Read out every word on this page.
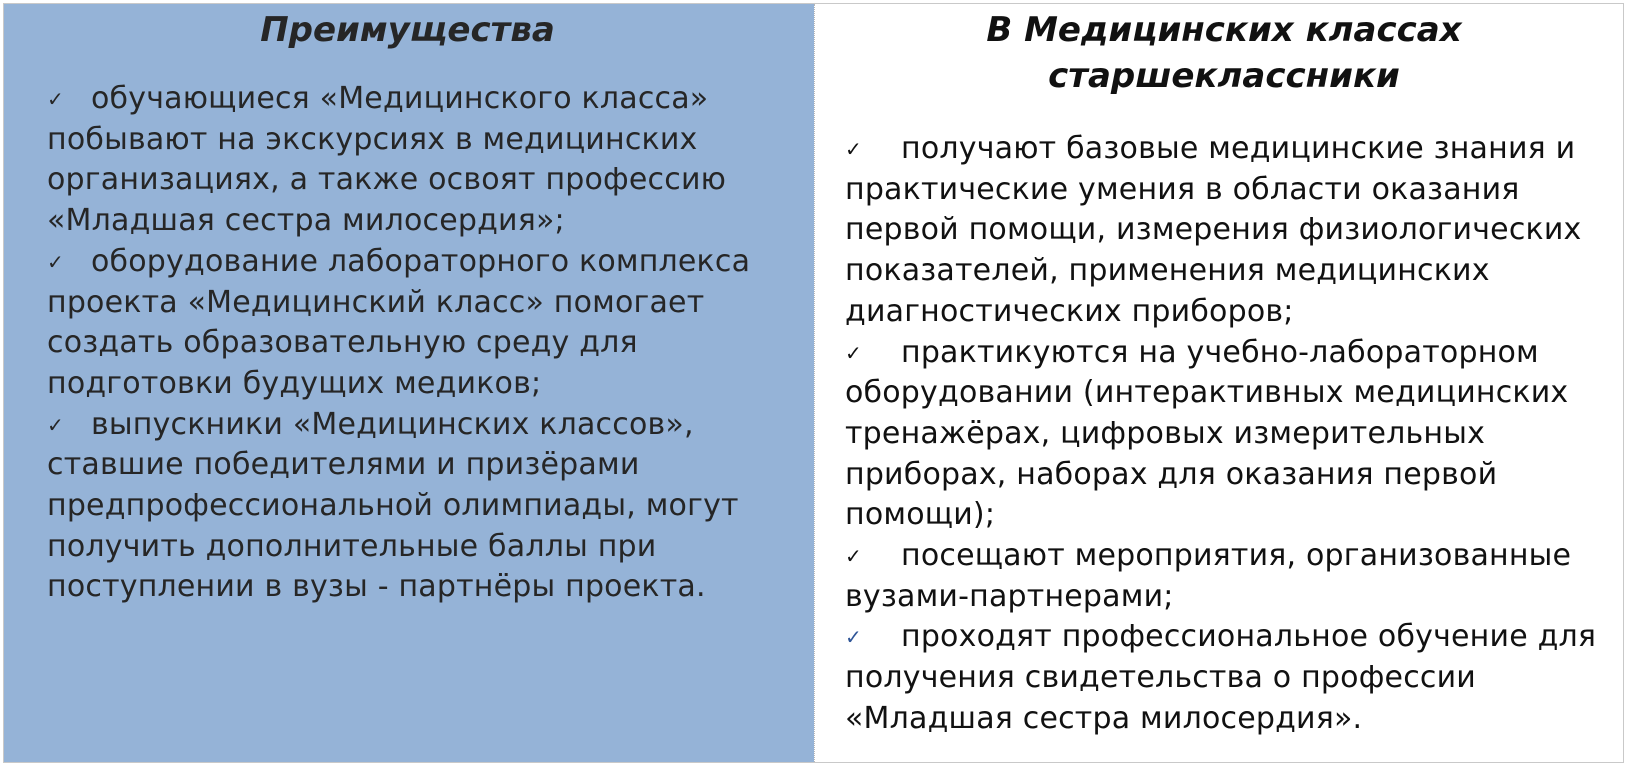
Преимущества
✓ обучающиеся «Медицинского класса» побывают на экскурсиях в медицинских организациях, а также освоят профессию «Младшая сестра милосердия»;
✓ оборудование лабораторного комплекса проекта «Медицинский класс» помогает создать образовательную среду для подготовки будущих медиков;
✓ выпускники «Медицинских классов», ставшие победителями и призёрами предпрофессиональной олимпиады, могут получить дополнительные баллы при поступлении в вузы - партнёры проекта.
В Медицинских классах старшеклассники
✓ получают базовые медицинские знания и практические умения в области оказания первой помощи, измерения физиологических показателей, применения медицинских диагностических приборов;
✓ практикуются на учебно-лабораторном оборудовании (интерактивных медицинских тренажёрах, цифровых измерительных приборах, наборах для оказания первой помощи);
✓ посещают мероприятия, организованные вузами-партнерами;
✓ проходят профессиональное обучение для получения свидетельства о профессии «Младшая сестра милосердия».
